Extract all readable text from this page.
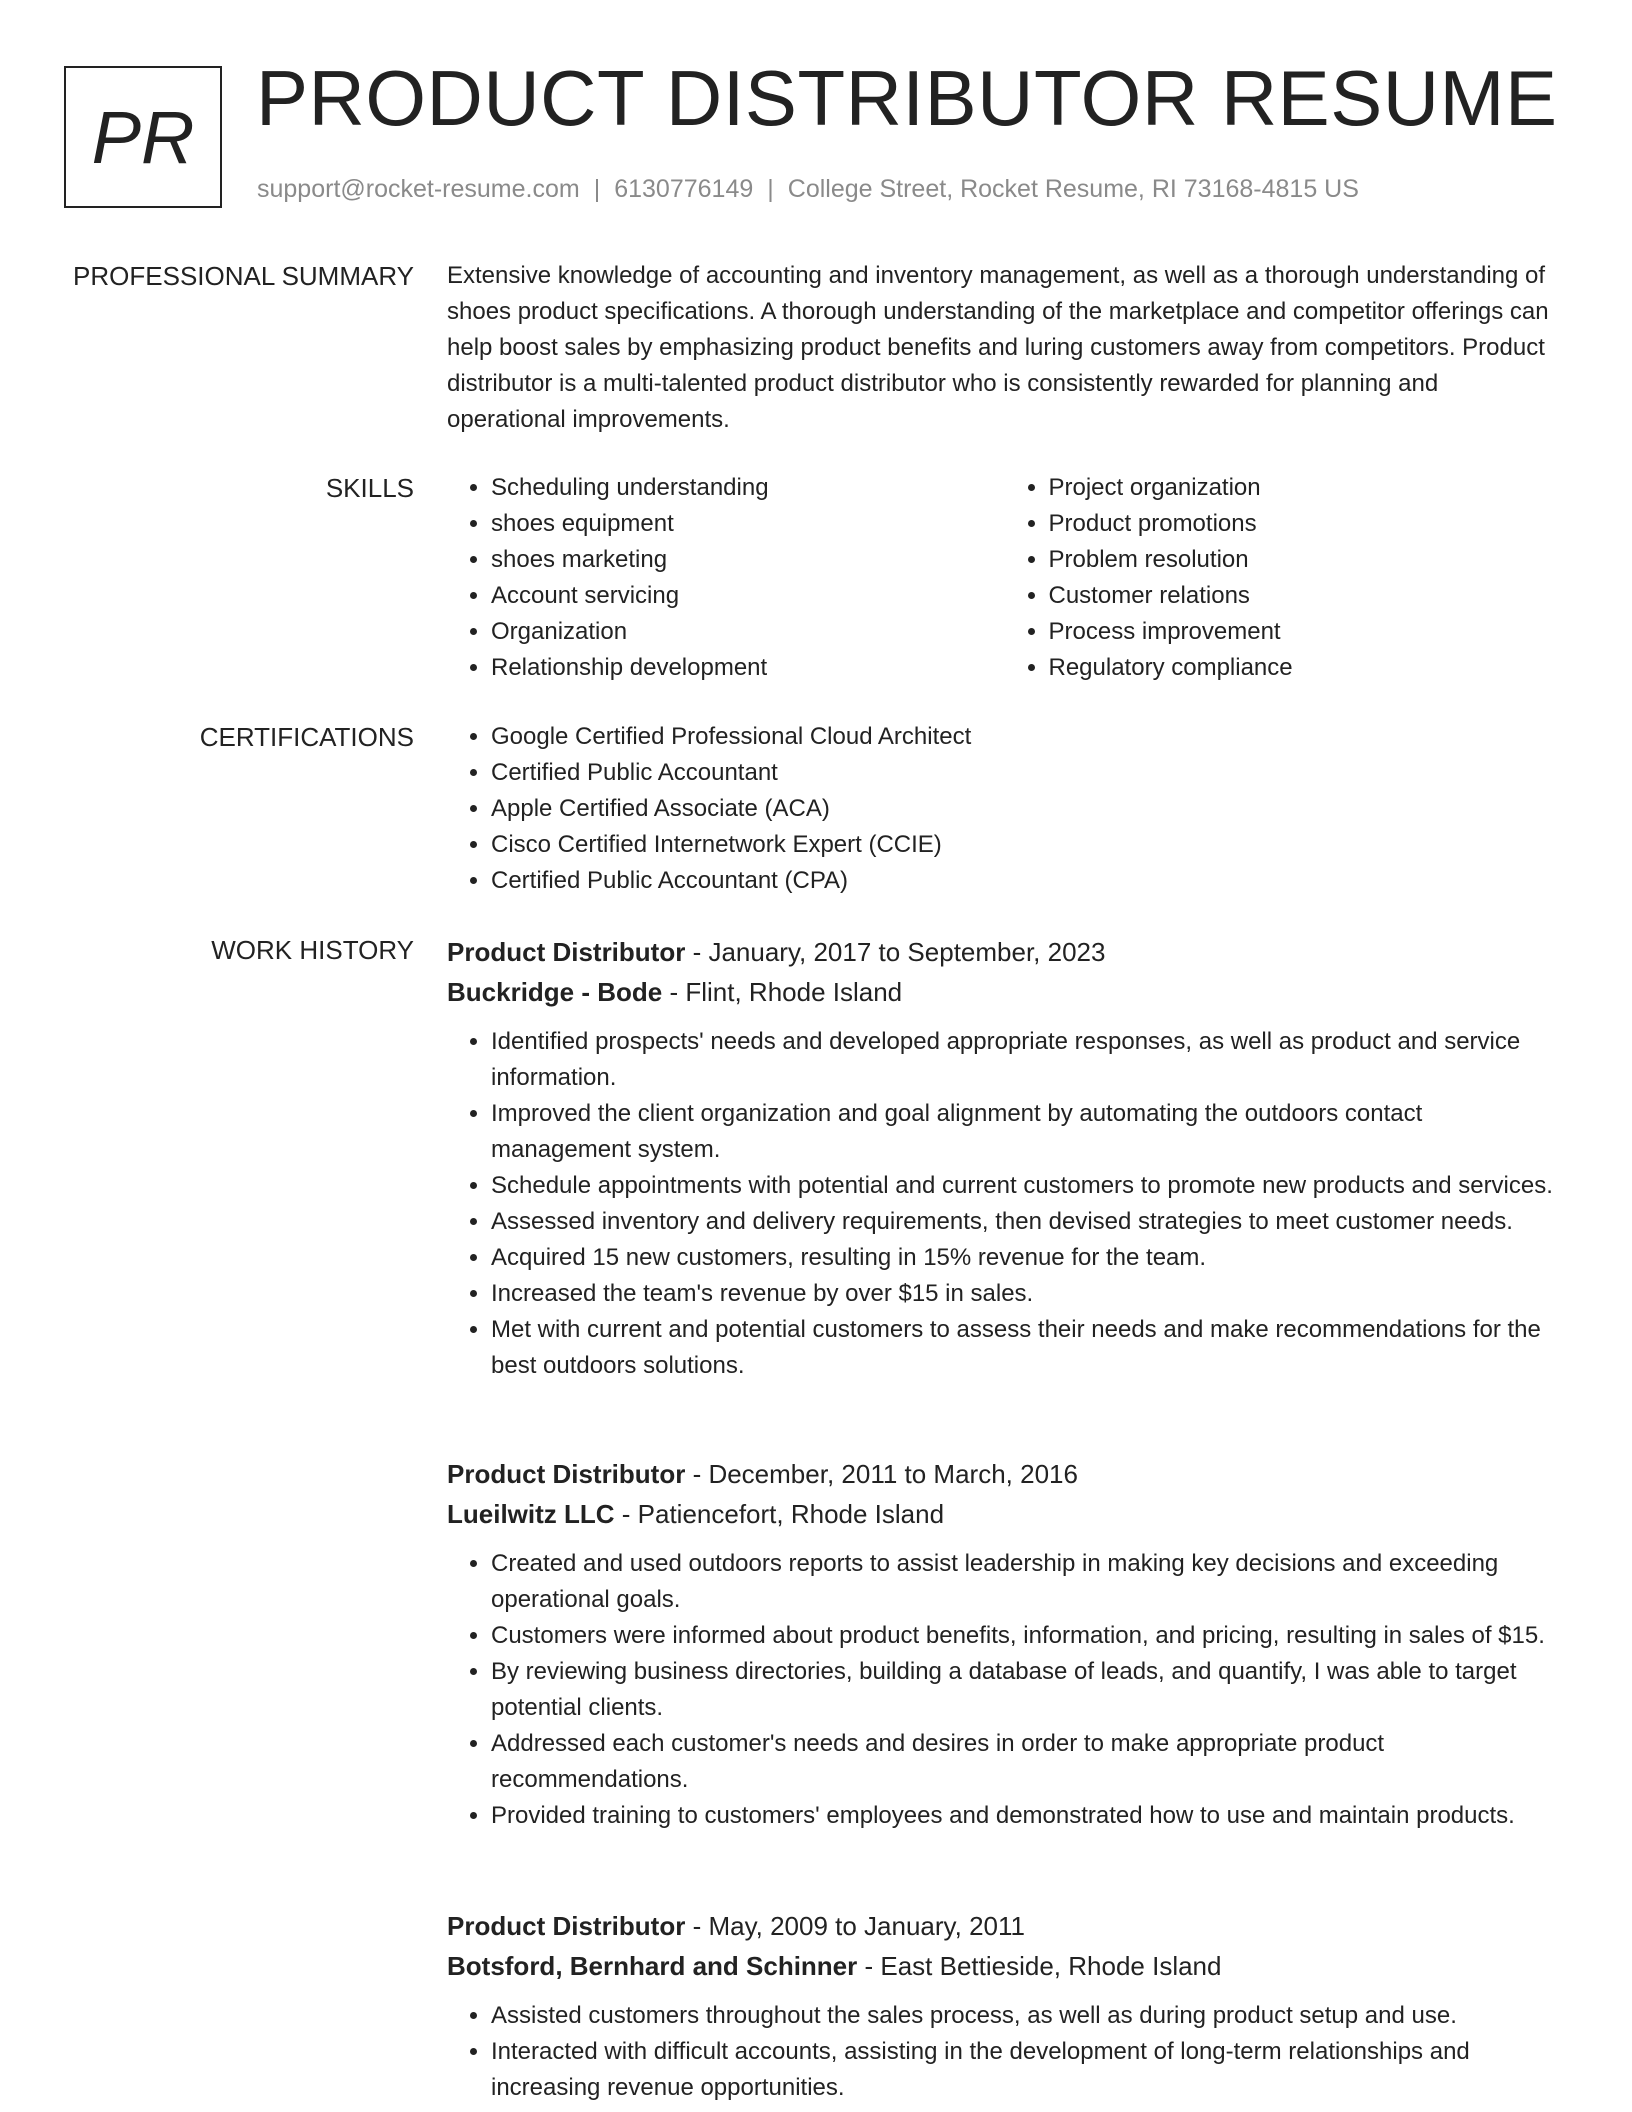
PR PRODUCT DISTRIBUTOR RESUME
support@rocket-resume.com | 6130776149 | College Street, Rocket Resume, RI 73168-4815 US
PROFESSIONAL SUMMARY Extensive knowledge of accounting and inventory management, as well as a thorough understanding of shoes product specifications. A thorough understanding of the marketplace and competitor offerings can help boost sales by emphasizing product benefits and luring customers away from competitors. Product distributor is a multi-talented product distributor who is consistently rewarded for planning and operational improvements.
SKILLS	• Scheduling understanding
• shoes equipment
• shoes marketing
• Account servicing
• Organization
• Relationship development
• Project organization
• Product promotions
• Problem resolution
• Customer relations
• Process improvement
• Regulatory compliance
CERTIFICATIONS	• Google Certified Professional Cloud Architect
• Certified Public Accountant
• Apple Certified Associate (ACA)
• Cisco Certified Internetwork Expert (CCIE)
• Certified Public Accountant (CPA)
WORK HISTORY Product Distributor - January, 2017 to September, 2023
Buckridge - Bode - Flint, Rhode Island
• Identified prospects' needs and developed appropriate responses, as well as product and service information.
• Improved the client organization and goal alignment by automating the outdoors contact management system.
• Schedule appointments with potential and current customers to promote new products and services.
• Assessed inventory and delivery requirements, then devised strategies to meet customer needs.
• Acquired 15 new customers, resulting in 15% revenue for the team.
• Increased the team's revenue by over $15 in sales.
• Met with current and potential customers to assess their needs and make recommendations for the best outdoors solutions.
Product Distributor - December, 2011 to March, 2016
Lueilwitz LLC - Patiencefort, Rhode Island
• Created and used outdoors reports to assist leadership in making key decisions and exceeding operational goals.
• Customers were informed about product benefits, information, and pricing, resulting in sales of $15.
• By reviewing business directories, building a database of leads, and quantify, I was able to target potential clients.
• Addressed each customer's needs and desires in order to make appropriate product recommendations.
• Provided training to customers' employees and demonstrated how to use and maintain products.
Product Distributor - May, 2009 to January, 2011
Botsford, Bernhard and Schinner - East Bettieside, Rhode Island
• Assisted customers throughout the sales process, as well as during product setup and use.
• Interacted with difficult accounts, assisting in the development of long-term relationships and increasing revenue opportunities.
